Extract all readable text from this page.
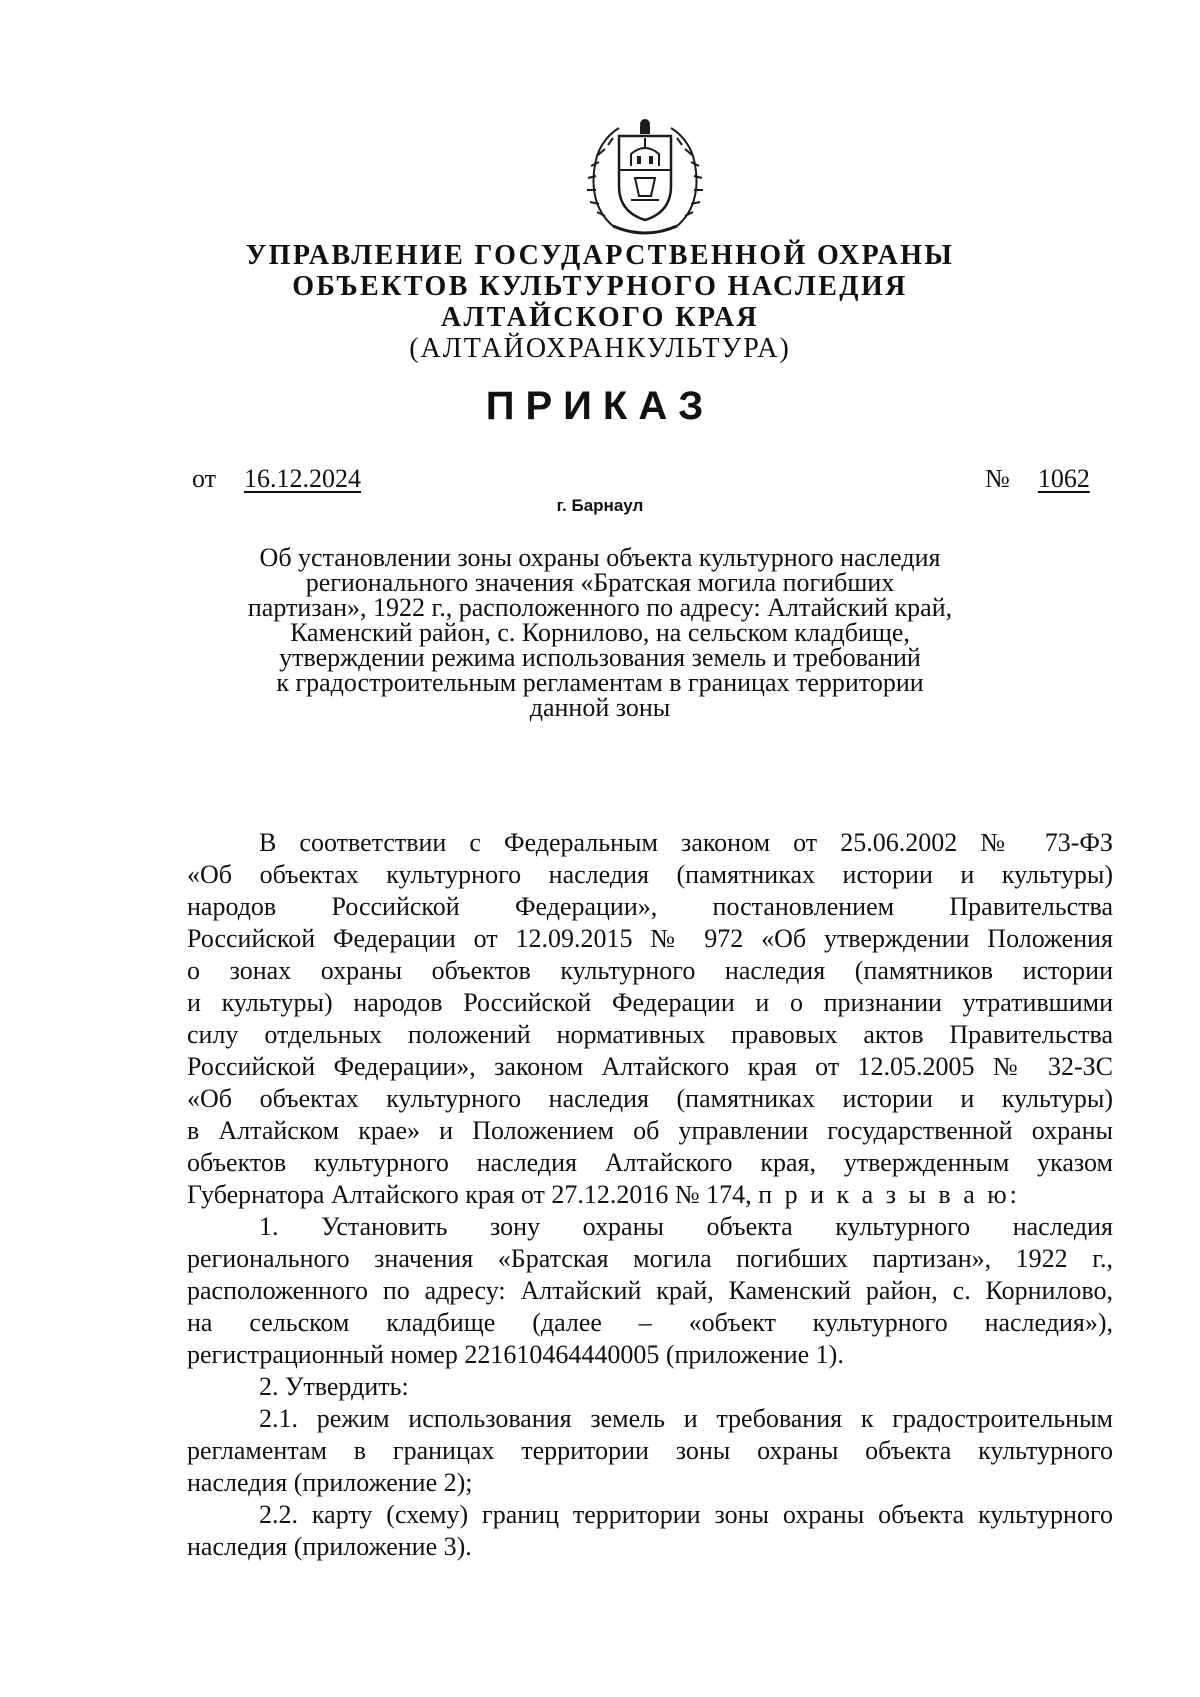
УПРАВЛЕНИЕ ГОСУДАРСТВЕННОЙ ОХРАНЫ
ОБЪЕКТОВ КУЛЬТУРНОГО НАСЛЕДИЯ
АЛТАЙСКОГО КРАЯ
(АЛТАЙОХРАНКУЛЬТУРА)
ПРИКАЗ
от 16.12.2024	№ 1062
г. Барнаул
Об установлении зоны охраны объекта культурного наследия
регионального значения «Братская могила погибших
партизан», 1922 г., расположенного по адресу: Алтайский край,
Каменский район, с. Корнилово, на сельском кладбище,
утверждении режима использования земель и требований
к градостроительным регламентам в границах территории
данной зоны
В соответствии с Федеральным законом от 25.06.2002 № 73-ФЗ
«Об объектах культурного наследия (памятниках истории и культуры)
народов Российской Федерации», постановлением Правительства
Российской Федерации от 12.09.2015 № 972 «Об утверждении Положения
о зонах охраны объектов культурного наследия (памятников истории
и культуры) народов Российской Федерации и о признании утратившими
силу отдельных положений нормативных правовых актов Правительства
Российской Федерации», законом Алтайского края от 12.05.2005 № 32-ЗС
«Об объектах культурного наследия (памятниках истории и культуры)
в Алтайском крае» и Положением об управлении государственной охраны
объектов культурного наследия Алтайского края, утвержденным указом
Губернатора Алтайского края от 27.12.2016 № 174, п р и к а з ы в а ю:
1. Установить зону охраны объекта культурного наследия
регионального значения «Братская могила погибших партизан», 1922 г.,
расположенного по адресу: Алтайский край, Каменский район, с. Корнилово,
на сельском кладбище (далее – «объект культурного наследия»),
регистрационный номер 221610464440005 (приложение 1).
2. Утвердить:
2.1. режим использования земель и требования к градостроительным
регламентам в границах территории зоны охраны объекта культурного
наследия (приложение 2);
2.2. карту (схему) границ территории зоны охраны объекта культурного
наследия (приложение 3).
